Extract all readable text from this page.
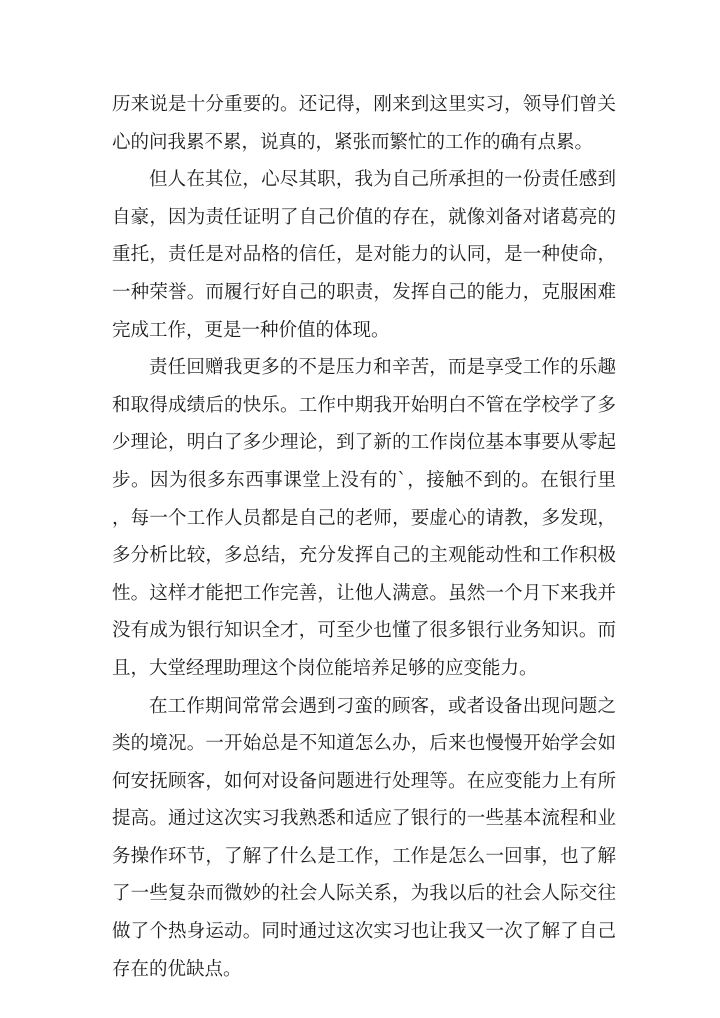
历来说是十分重要的。还记得，刚来到这里实习，领导们曾关心的问我累不累，说真的，紧张而繁忙的工作的确有点累。

但人在其位，心尽其职，我为自己所承担的一份责任感到自豪，因为责任证明了自己价值的存在，就像刘备对诸葛亮的重托，责任是对品格的信任，是对能力的认同，是一种使命，一种荣誉。而履行好自己的职责，发挥自己的能力，克服困难完成工作，更是一种价值的体现。

责任回赠我更多的不是压力和辛苦，而是享受工作的乐趣和取得成绩后的快乐。工作中期我开始明白不管在学校学了多少理论，明白了多少理论，到了新的工作岗位基本事要从零起步。因为很多东西事课堂上没有的`，接触不到的。在银行里，每一个工作人员都是自己的老师，要虚心的请教，多发现，多分析比较，多总结，充分发挥自己的主观能动性和工作积极性。这样才能把工作完善，让他人满意。虽然一个月下来我并没有成为银行知识全才，可至少也懂了很多银行业务知识。而且，大堂经理助理这个岗位能培养足够的应变能力。

在工作期间常常会遇到刁蛮的顾客，或者设备出现问题之类的境况。一开始总是不知道怎么办，后来也慢慢开始学会如何安抚顾客，如何对设备问题进行处理等。在应变能力上有所提高。通过这次实习我熟悉和适应了银行的一些基本流程和业务操作环节，了解了什么是工作，工作是怎么一回事，也了解了一些复杂而微妙的社会人际关系，为我以后的社会人际交往做了个热身运动。同时通过这次实习也让我又一次了解了自己存在的优缺点。
